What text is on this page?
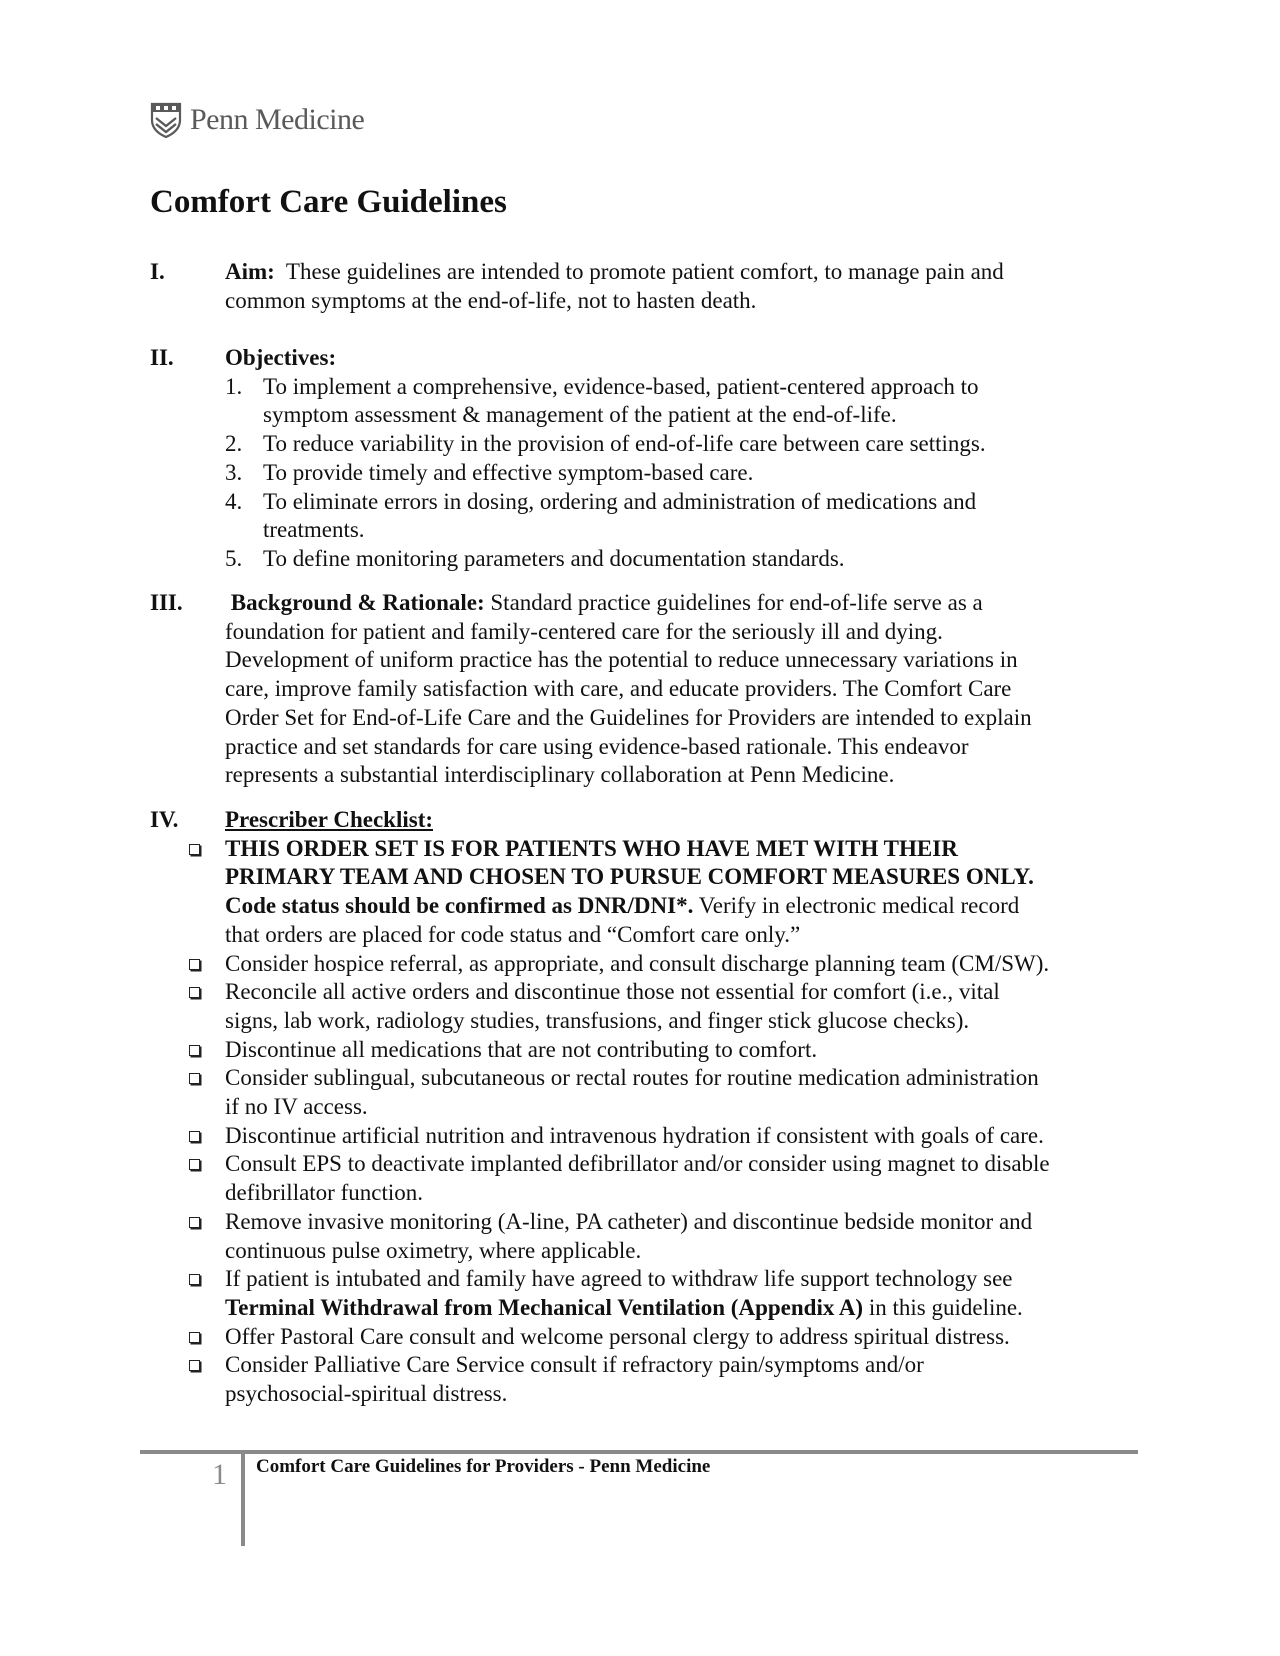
Penn Medicine
Comfort Care Guidelines
I.	Aim: These guidelines are intended to promote patient comfort, to manage pain and
common symptoms at the end-of-life, not to hasten death.
II. Objectives:
1. To implement a comprehensive, evidence-based, patient-centered approach to
symptom assessment & management of the patient at the end-of-life.
2. To reduce variability in the provision of end-of-life care between care settings.
3. To provide timely and effective symptom-based care.
4. To eliminate errors in dosing, ordering and administration of medications and
treatments.
5. To define monitoring parameters and documentation standards.
III. Background & Rationale: Standard practice guidelines for end-of-life serve as a
foundation for patient and family-centered care for the seriously ill and dying.
Development of uniform practice has the potential to reduce unnecessary variations in
care, improve family satisfaction with care, and educate providers. The Comfort Care
Order Set for End-of-Life Care and the Guidelines for Providers are intended to explain
practice and set standards for care using evidence-based rationale. This endeavor
represents a substantial interdisciplinary collaboration at Penn Medicine.
IV. Prescriber Checklist:
THIS ORDER SET IS FOR PATIENTS WHO HAVE MET WITH THEIR
PRIMARY TEAM AND CHOSEN TO PURSUE COMFORT MEASURES ONLY.
Code status should be confirmed as DNR/DNI*. Verify in electronic medical record
that orders are placed for code status and “Comfort care only.”
Consider hospice referral, as appropriate, and consult discharge planning team (CM/SW).
Reconcile all active orders and discontinue those not essential for comfort (i.e., vital
signs, lab work, radiology studies, transfusions, and finger stick glucose checks).
Discontinue all medications that are not contributing to comfort.
Consider sublingual, subcutaneous or rectal routes for routine medication administration
if no IV access.
Discontinue artificial nutrition and intravenous hydration if consistent with goals of care.
Consult EPS to deactivate implanted defibrillator and/or consider using magnet to disable
defibrillator function.
Remove invasive monitoring (A-line, PA catheter) and discontinue bedside monitor and
continuous pulse oximetry, where applicable.
If patient is intubated and family have agreed to withdraw life support technology see
Terminal Withdrawal from Mechanical Ventilation (Appendix A) in this guideline.
Offer Pastoral Care consult and welcome personal clergy to address spiritual distress.
Consider Palliative Care Service consult if refractory pain/symptoms and/or
psychosocial-spiritual distress.
1 Comfort Care Guidelines for Providers - Penn Medicine
